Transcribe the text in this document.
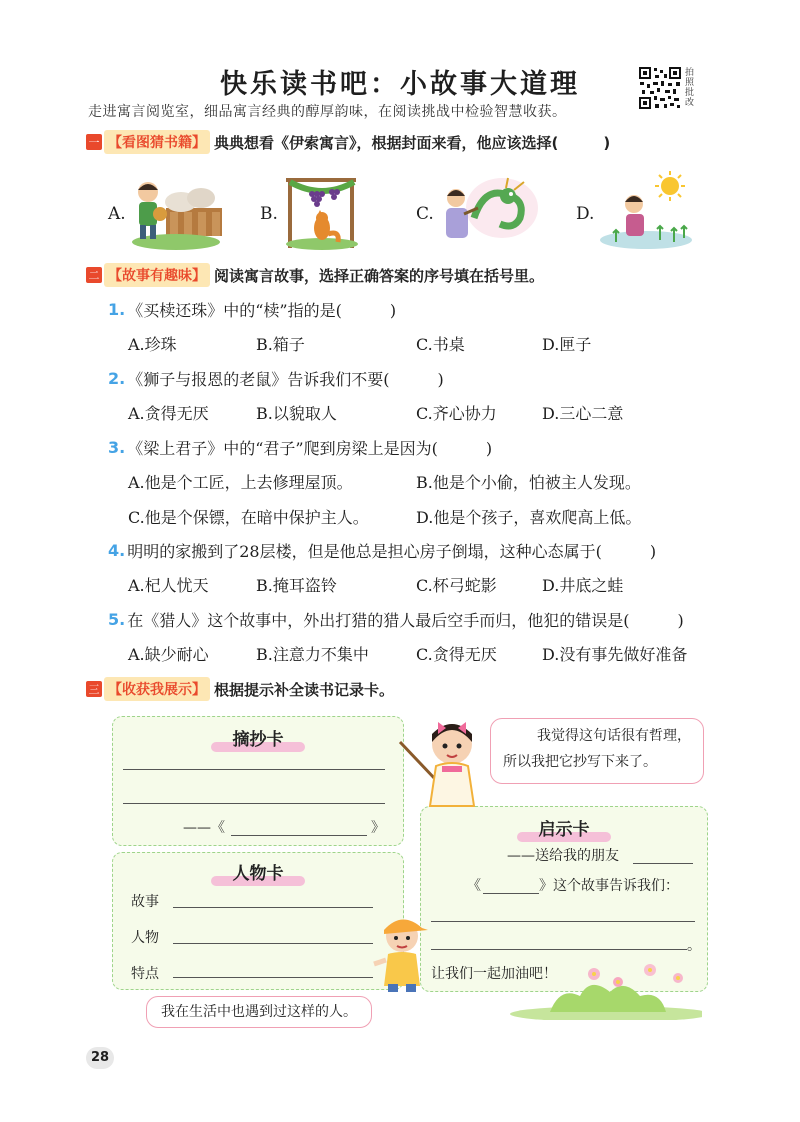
快乐读书吧：小故事大道理
走进寓言阅览室，细品寓言经典的醇厚韵味，在阅读挑战中检验智慧收获。
拍照批改
一 【看图猜书籍】 典典想看《伊索寓言》，根据封面来看，他应该选择(　　　)
A.	B.	C.	D.
二 【故事有趣味】 阅读寓言故事，选择正确答案的序号填在括号里。
1. 《买椟还珠》中的“椟”指的是(　　　)
A.珍珠	B.箱子	C.书桌	D.匣子
2. 《狮子与报恩的老鼠》告诉我们不要(　　　)
A.贪得无厌	B.以貌取人	C.齐心协力	D.三心二意
3. 《梁上君子》中的“君子”爬到房梁上是因为(　　　)
A.他是个工匠，上去修理屋顶。	B.他是个小偷，怕被主人发现。
C.他是个保镖，在暗中保护主人。	D.他是个孩子，喜欢爬高上低。
4. 明明的家搬到了28层楼，但是他总是担心房子倒塌，这种心态属于(　　　)
A.杞人忧天	B.掩耳盗铃	C.杯弓蛇影	D.井底之蛙
5. 在《猎人》这个故事中，外出打猎的猎人最后空手而归，他犯的错误是(　　　)
A.缺少耐心	B.注意力不集中	C.贪得无厌	D.没有事先做好准备
三 【收获我展示】 根据提示补全读书记录卡。
摘抄卡
——《	》
人物卡
故事
人物
特点
启示卡
——送给我的朋友
《	》这个故事告诉我们：
。
让我们一起加油吧！
我觉得这句话很有哲理，
所以我把它抄写下来了。
我在生活中也遇到过这样的人。
28
